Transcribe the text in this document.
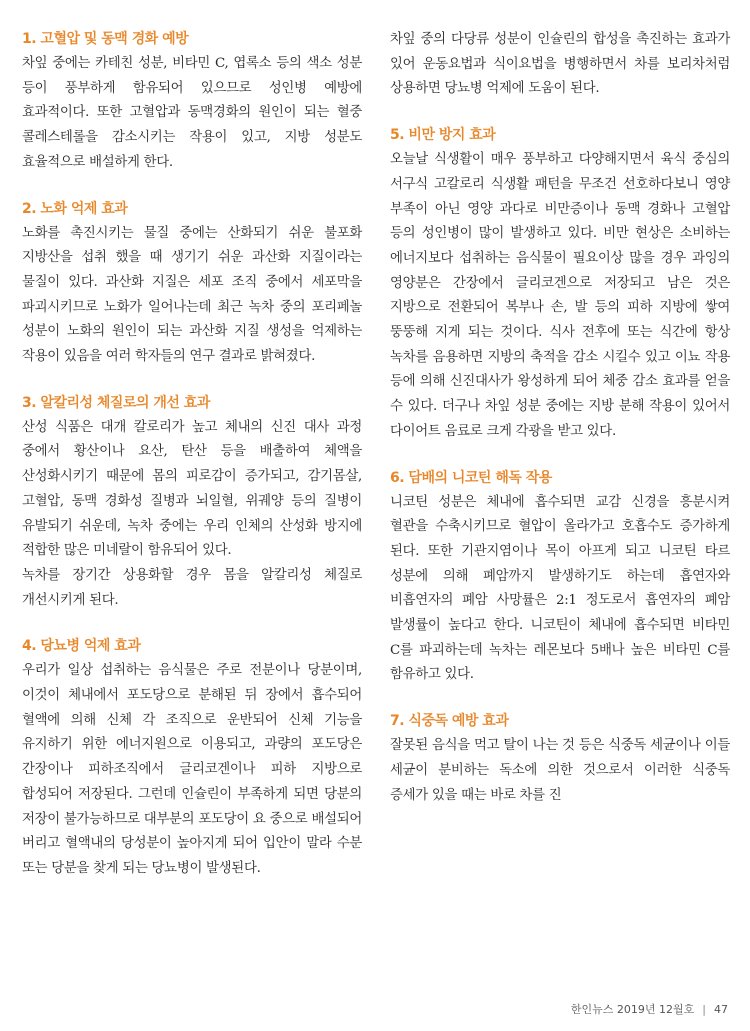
1. 고혈압 및 동맥 경화 예방

차잎 중에는 카테친 성분, 비타민 C, 엽록소 등의 색소 성분 등이 풍부하게 함유되어 있으므로 성인병 예방에 효과적이다. 또한 고혈압과 동맥경화의 원인이 되는 혈중 콜레스테롤을 감소시키는 작용이 있고, 지방 성분도 효율적으로 배설하게 한다.

2. 노화 억제 효과

노화를 촉진시키는 물질 중에는 산화되기 쉬운 불포화 지방산을 섭취 했을 때 생기기 쉬운 과산화 지질이라는 물질이 있다. 과산화 지질은 세포 조직 중에서 세포막을 파괴시키므로 노화가 일어나는데 최근 녹차 중의 포리페놀 성분이 노화의 원인이 되는 과산화 지질 생성을 억제하는 작용이 있음을 여러 학자들의 연구 결과로 밝혀졌다.

3. 알칼리성 체질로의 개선 효과

산성 식품은 대개 칼로리가 높고 체내의 신진 대사 과정 중에서 황산이나 요산, 탄산 등을 배출하여 체액을 산성화시키기 때문에 몸의 피로감이 증가되고, 감기몸살, 고혈압, 동맥 경화성 질병과 뇌일혈, 위궤양 등의 질병이 유발되기 쉬운데, 녹차 중에는 우리 인체의 산성화 방지에 적합한 많은 미네랄이 함유되어 있다.

녹차를 장기간 상용화할 경우 몸을 알칼리성 체질로 개선시키게 된다.

4. 당뇨병 억제 효과

우리가 일상 섭취하는 음식물은 주로 전분이나 당분이며, 이것이 체내에서 포도당으로 분해된 뒤 장에서 흡수되어 혈액에 의해 신체 각 조직으로 운반되어 신체 기능을 유지하기 위한 에너지원으로 이용되고, 과량의 포도당은 간장이나 피하조직에서 글리코겐이나 피하 지방으로 합성되어 저장된다. 그런데 인슐린이 부족하게 되면 당분의 저장이 불가능하므로 대부분의 포도당이 요 중으로 배설되어 버리고 혈액내의 당성분이 높아지게 되어 입안이 말라 수분 또는 당분을 찾게 되는 당뇨병이 발생된다.

차잎 중의 다당류 성분이 인슐린의 합성을 촉진하는 효과가 있어 운동요법과 식이요법을 병행하면서 차를 보리차처럼 상용하면 당뇨병 억제에 도움이 된다.

5. 비만 방지 효과

오늘날 식생활이 매우 풍부하고 다양해지면서 육식 중심의 서구식 고칼로리 식생활 패턴을 무조건 선호하다보니 영양 부족이 아닌 영양 과다로 비만증이나 동맥 경화나 고혈압 등의 성인병이 많이 발생하고 있다. 비만 현상은 소비하는 에너지보다 섭취하는 음식물이 필요이상 많을 경우 과잉의 영양분은 간장에서 글리코겐으로 저장되고 남은 것은 지방으로 전환되어 복부나 손, 발 등의 피하 지방에 쌓여 뚱뚱해 지게 되는 것이다. 식사 전후에 또는 식간에 항상 녹차를 음용하면 지방의 축적을 감소 시킬수 있고 이뇨 작용 등에 의해 신진대사가 왕성하게 되어 체중 감소 효과를 얻을 수 있다. 더구나 차잎 성분 중에는 지방 분해 작용이 있어서 다이어트 음료로 크게 각광을 받고 있다.

6. 담배의 니코틴 해독 작용

니코틴 성분은 체내에 흡수되면 교감 신경을 흥분시켜 혈관을 수축시키므로 혈압이 올라가고 호흡수도 증가하게 된다. 또한 기관지염이나 목이 아프게 되고 니코틴 타르 성분에 의해 폐암까지 발생하기도 하는데 흡연자와 비흡연자의 폐암 사망률은 2:1 정도로서 흡연자의 폐암 발생률이 높다고 한다. 니코틴이 체내에 흡수되면 비타민 C를 파괴하는데 녹차는 레몬보다 5배나 높은 비타민 C를 함유하고 있다.

7. 식중독 예방 효과

잘못된 음식을 먹고 탈이 나는 것 등은 식중독 세균이나 이들 세균이 분비하는 독소에 의한 것으로서 이러한 식중독 증세가 있을 때는 바로 차를 진

한인뉴스 2019년 12월호 | 47
